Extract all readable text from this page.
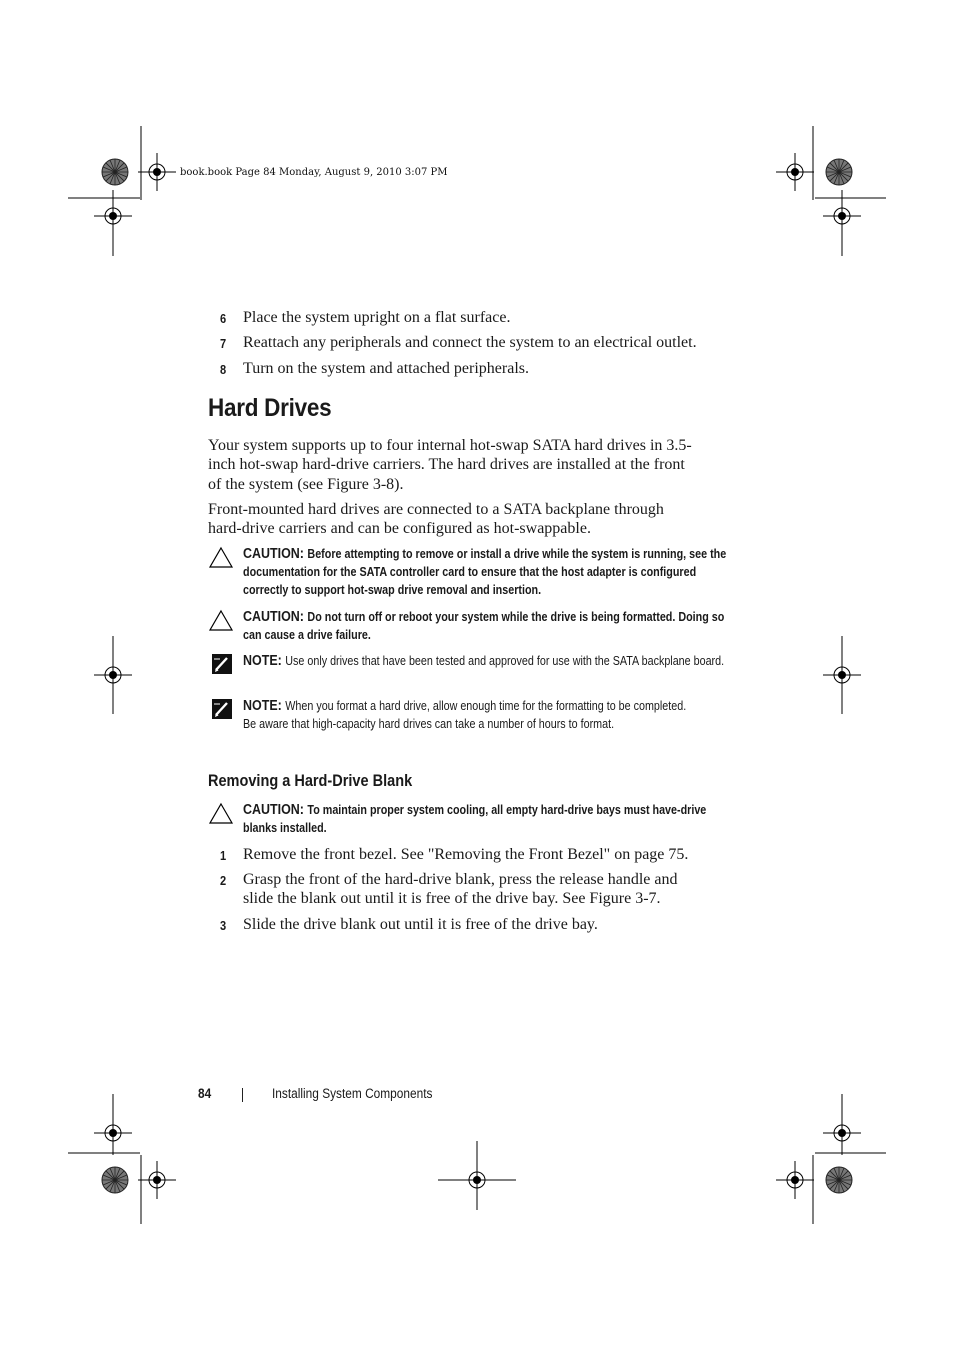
book.book Page 84 Monday, August 9, 2010 3:07 PM
6 Place the system upright on a flat surface.
7 Reattach any peripherals and connect the system to an electrical outlet.
8 Turn on the system and attached peripherals.
Hard Drives
Your system supports up to four internal hot-swap SATA hard drives in 3.5-inch hot-swap hard-drive carriers. The hard drives are installed at the front of the system (see Figure 3-8).
Front-mounted hard drives are connected to a SATA backplane through hard-drive carriers and can be configured as hot-swappable.
CAUTION: Before attempting to remove or install a drive while the system is running, see the documentation for the SATA controller card to ensure that the host adapter is configured correctly to support hot-swap drive removal and insertion.
CAUTION: Do not turn off or reboot your system while the drive is being formatted. Doing so can cause a drive failure.
NOTE: Use only drives that have been tested and approved for use with the SATA backplane board.
NOTE: When you format a hard drive, allow enough time for the formatting to be completed. Be aware that high-capacity hard drives can take a number of hours to format.
Removing a Hard-Drive Blank
CAUTION: To maintain proper system cooling, all empty hard-drive bays must have-drive blanks installed.
1 Remove the front bezel. See "Removing the Front Bezel" on page 75.
2 Grasp the front of the hard-drive blank, press the release handle and slide the blank out until it is free of the drive bay. See Figure 3-7.
3 Slide the drive blank out until it is free of the drive bay.
84	Installing System Components
